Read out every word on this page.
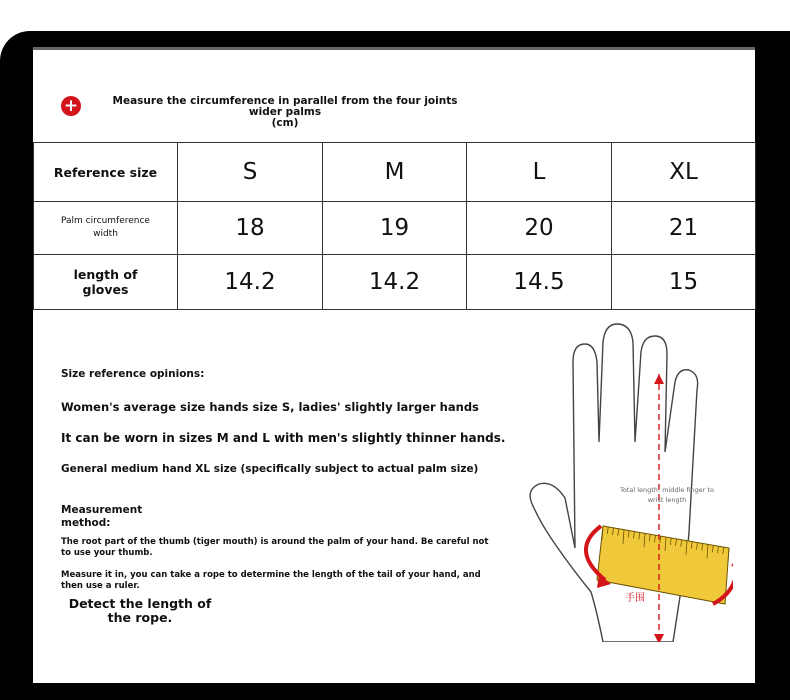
+	Measure the circumference in parallel from the four joints wider palms
(cm)
Reference size	S	M	L	XL

Palm circumference
width	18	19	20	21

length of
gloves	14.2	14.2	14.5	15
Size reference opinions:
Women's average size hands size S, ladies' slightly larger hands
It can be worn in sizes M and L with men's slightly thinner hands.
General medium hand XL size (specifically subject to actual palm size)
Measurement method:
The root part of the thumb (tiger mouth) is around the palm of your hand. Be careful not to use your thumb.
Measure it in, you can take a rope to determine the length of the tail of your hand, and then use a ruler.
Detect the length of the rope.
手围
Total length: middle finger to
wrist length
